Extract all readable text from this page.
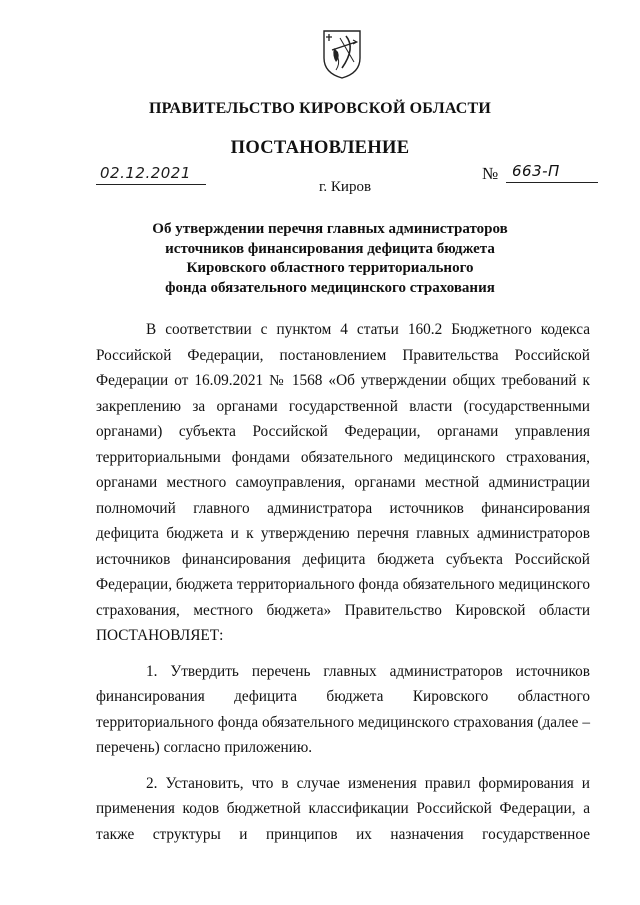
ПРАВИТЕЛЬСТВО КИРОВСКОЙ ОБЛАСТИ
ПОСТАНОВЛЕНИЕ
02.12.2021	№ 663-П
г. Киров
Об утверждении перечня главных администраторов
источников финансирования дефицита бюджета
Кировского областного территориального
фонда обязательного медицинского страхования

В соответствии с пунктом 4 статьи 160.2 Бюджетного кодекса

Российской Федерации, постановлением Правительства Российской

Федерации от 16.09.2021 № 1568 «Об утверждении общих требований к

закреплению за органами государственной власти (государственными

органами) субъекта Российской Федерации, органами управления

территориальными фондами обязательного медицинского страхования,

органами местного самоуправления, органами местной администрации

полномочий главного администратора источников финансирования

дефицита бюджета и к утверждению перечня главных администраторов

источников финансирования дефицита бюджета субъекта Российской

Федерации, бюджета территориального фонда обязательного медицинского

страхования, местного бюджета» Правительство Кировской области

ПОСТАНОВЛЯЕТ:

1. Утвердить перечень главных администраторов источников

финансирования дефицита бюджета Кировского областного

территориального фонда обязательного медицинского страхования (далее –

перечень) согласно приложению.

2. Установить, что в случае изменения правил формирования и

применения кодов бюджетной классификации Российской Федерации, а

также структуры и принципов их назначения государственное
